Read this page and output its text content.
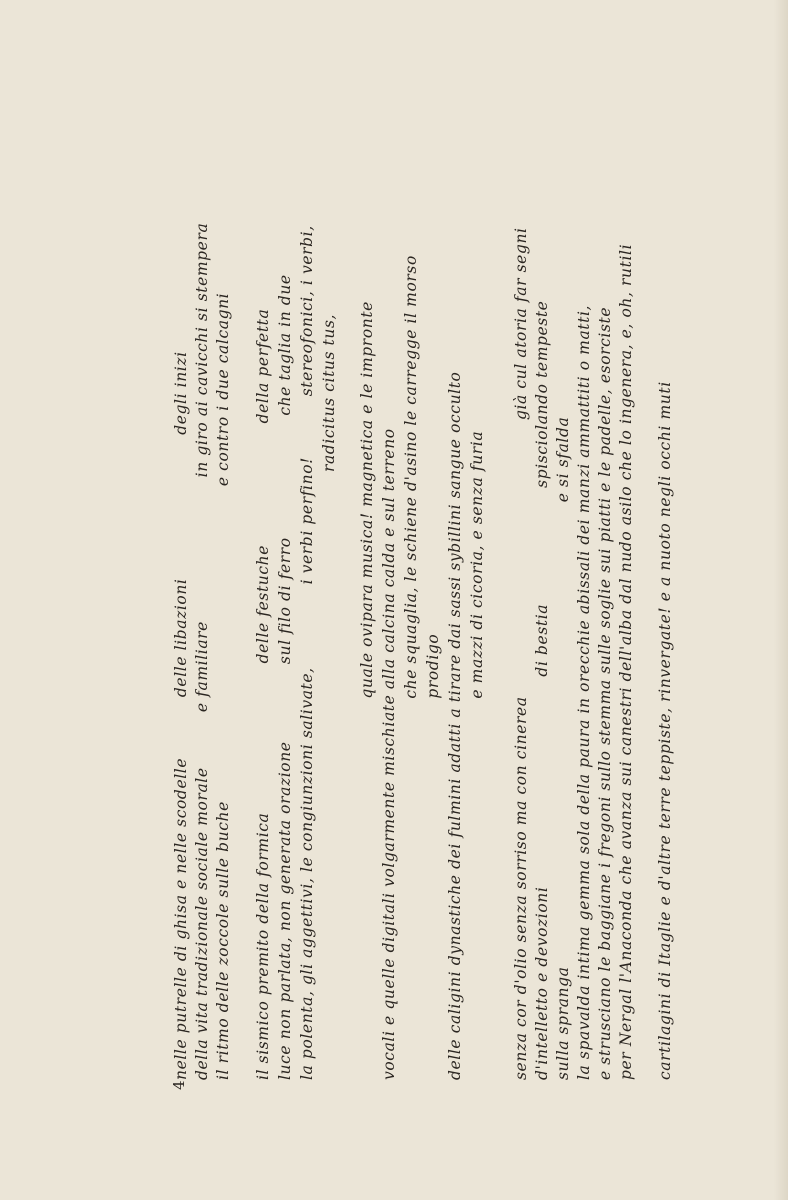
4
nelle putrelle di ghisa e nelle scodelle           delle libazioni                          degli inizi della vita tradizionale sociale morale          e familiare                          in giro ai cavicchi si stempera il ritmo delle zoccole sulle buche                                                         e contro i due calcagni il sismico premito della formica                           delle festuche                      della perfetta luce non parlata, non generata orazione              sul filo di ferro                      che taglia in due la polenta, gli aggettivi, le congiunzioni salivate,               i verbi perfino!           stereofonici, i verbi, radicitus citus tus, quale ovipara musica! magnetica e le impronte vocali e quelle digitali volgarmente mischiate alla calcina calda e sul terreno che squaglia, le schiene d'asino le carregge il morso prodigo delle caligini dynastiche dei fulmini adatti a tirare dai sassi sybillini sangue occulto e mazzi di cicoria, e senza furia senza cor d'olio senza sorriso ma con cinerea                                                  già cul atoria far segni d'intelletto e devozioni                                      di bestia                     spisciolando tempeste sulla spranga                                                                                    e si sfalda la spavalda intima gemma sola della paura in orecchie abissali dei manzi ammattiti o matti, e strusciano le baggiane i fregoni sullo stemma sulle soglie sui piatti e le padelle, esorciste per Nergal l'Anaconda che avanza sui canestri dell'alba dal nudo asilo che lo ingenera, e, oh, rutili cartilagini di Itaglie e d'altre terre teppiste, rinvergate! e a nuoto negli occhi muti
